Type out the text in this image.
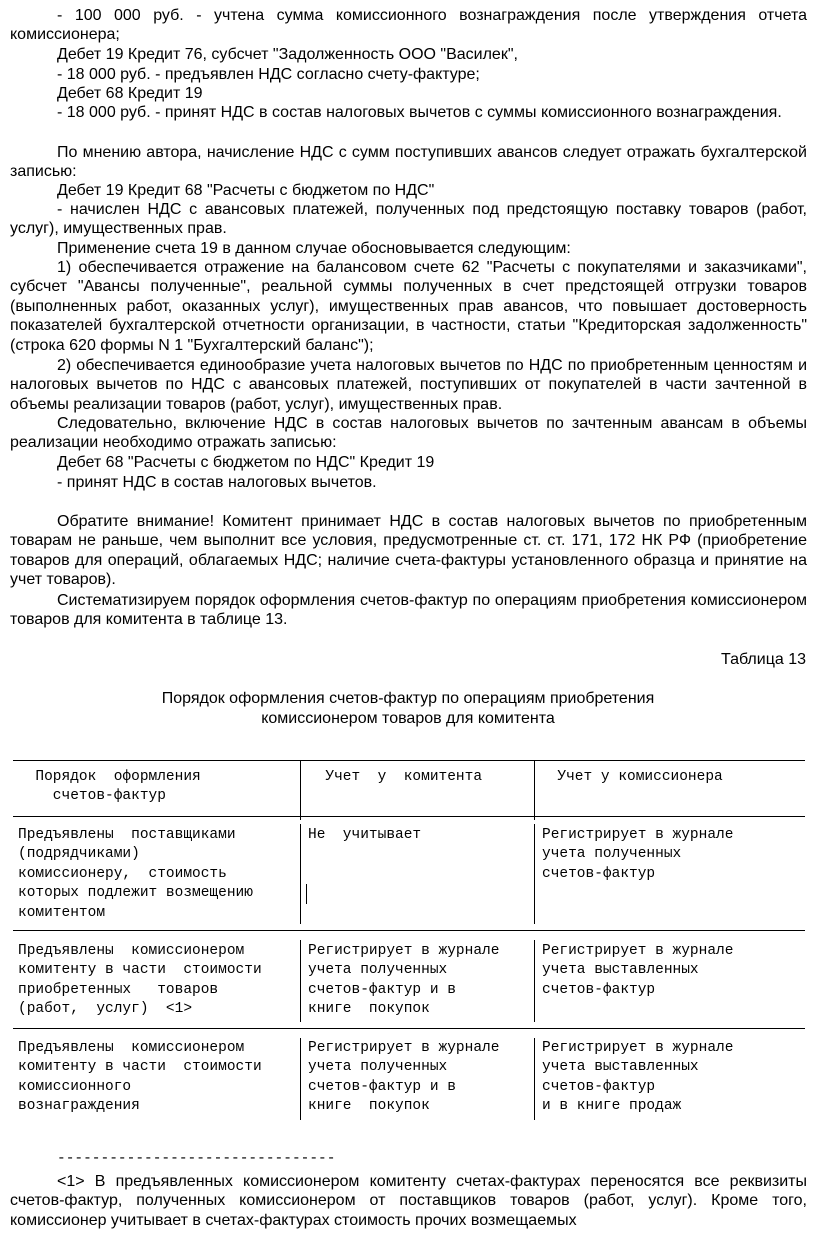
- 100 000 руб. - учтена сумма комиссионного вознаграждения после утверждения отчета комиссионера;

Дебет 19 Кредит 76, субсчет "Задолженность ООО "Василек",

- 18 000 руб. - предъявлен НДС согласно счету-фактуре;

Дебет 68 Кредит 19

- 18 000 руб. - принят НДС в состав налоговых вычетов с суммы комиссионного вознаграждения.

По мнению автора, начисление НДС с сумм поступивших авансов следует отражать бухгалтерской записью:

Дебет 19 Кредит 68 "Расчеты с бюджетом по НДС"

- начислен НДС с авансовых платежей, полученных под предстоящую поставку товаров (работ, услуг), имущественных прав.

Применение счета 19 в данном случае обосновывается следующим:

1) обеспечивается отражение на балансовом счете 62 "Расчеты с покупателями и заказчиками", субсчет "Авансы полученные", реальной суммы полученных в счет предстоящей отгрузки товаров (выполненных работ, оказанных услуг), имущественных прав авансов, что повышает достоверность показателей бухгалтерской отчетности организации, в частности, статьи "Кредиторская задолженность" (строка 620 формы N 1 "Бухгалтерский баланс");

2) обеспечивается единообразие учета налоговых вычетов по НДС по приобретенным ценностям и налоговых вычетов по НДС с авансовых платежей, поступивших от покупателей в части зачтенной в объемы реализации товаров (работ, услуг), имущественных прав.

Следовательно, включение НДС в состав налоговых вычетов по зачтенным авансам в объемы реализации необходимо отражать записью:

Дебет 68 "Расчеты с бюджетом по НДС" Кредит 19

- принят НДС в состав налоговых вычетов.

Обратите внимание! Комитент принимает НДС в состав налоговых вычетов по приобретенным товарам не раньше, чем выполнит все условия, предусмотренные ст. ст. 171, 172 НК РФ (приобретение товаров для операций, облагаемых НДС; наличие счета-фактуры установленного образца и принятие на учет товаров).

Систематизируем порядок оформления счетов-фактур по операциям приобретения комиссионером товаров для комитента в таблице 13.

Таблица 13
Порядок оформления счетов-фактур по операциям приобретения
комиссионером товаров для комитента
Порядок  оформления
счетов-фактур
Учет  у  комитента	Учет у комиссионера
Предъявлены  поставщиками
(подрядчиками)
комиссионеру,  стоимость
которых подлежит возмещению
комитентом
Не  учитывает	Регистрирует в журнале
учета полученных
счетов-фактур
Предъявлены  комиссионером
комитенту в части  стоимости
приобретенных   товаров
(работ,  услуг)  <1>
Регистрирует в журнале
учета полученных
счетов-фактур и в
книге  покупок
Регистрирует в журнале
учета выставленных
счетов-фактур
Предъявлены  комиссионером
комитенту в части  стоимости
комиссионного
вознаграждения
Регистрирует в журнале
учета полученных
счетов-фактур и в
книге  покупок
Регистрирует в журнале
учета выставленных
счетов-фактур
и в книге продаж
--------------------------------

<1> В предъявленных комиссионером комитенту счетах-фактурах переносятся все реквизиты счетов-фактур, полученных комиссионером от поставщиков товаров (работ, услуг). Кроме того, комиссионер учитывает в счетах-фактурах стоимость прочих возмещаемых
